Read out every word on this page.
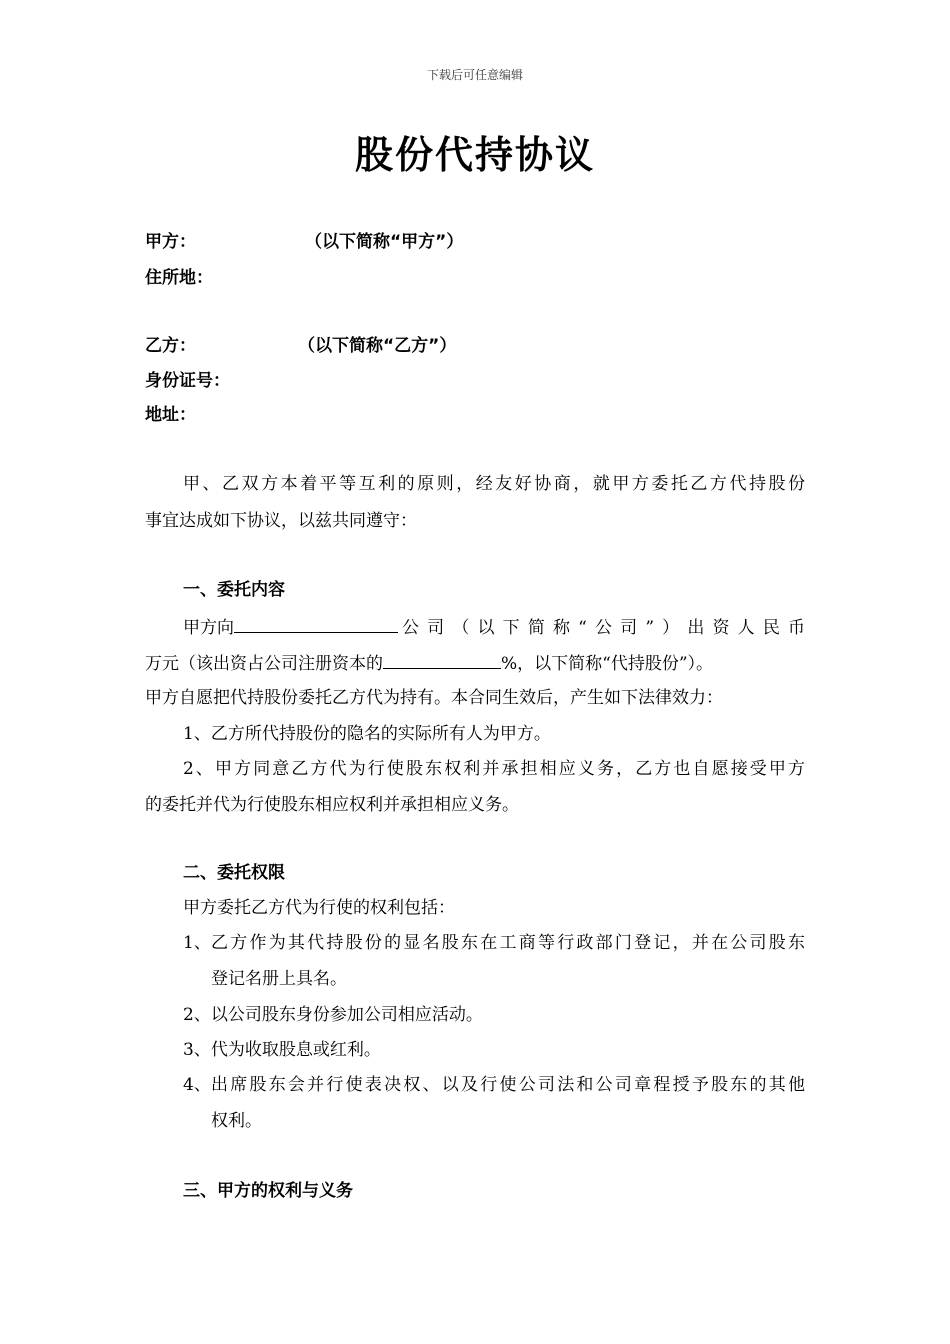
下载后可任意编辑
股份代持协议
甲方：	（以下简称“甲方”）
住所地：
乙方：	（以下简称“乙方”）
身份证号：
地址：
甲、乙双方本着平等互利的原则，经友好协商，就甲方委托乙方代持股份
事宜达成如下协议，以兹共同遵守：
一、委托内容
甲方向	公司（以下简称“公司”）出资人民币
万元（该出资占公司注册资本的	%，以下简称“代持股份”）。
甲方自愿把代持股份委托乙方代为持有。本合同生效后，产生如下法律效力：
1、乙方所代持股份的隐名的实际所有人为甲方。
2、甲方同意乙方代为行使股东权利并承担相应义务，乙方也自愿接受甲方
的委托并代为行使股东相应权利并承担相应义务。
二、委托权限
甲方委托乙方代为行使的权利包括：
1、 乙方作为其代持股份的显名股东在工商等行政部门登记，并在公司股东
登记名册上具名。
2、以公司股东身份参加公司相应活动。
3、代为收取股息或红利。
4、 出席股东会并行使表决权、以及行使公司法和公司章程授予股东的其他
权利。
三、甲方的权利与义务
